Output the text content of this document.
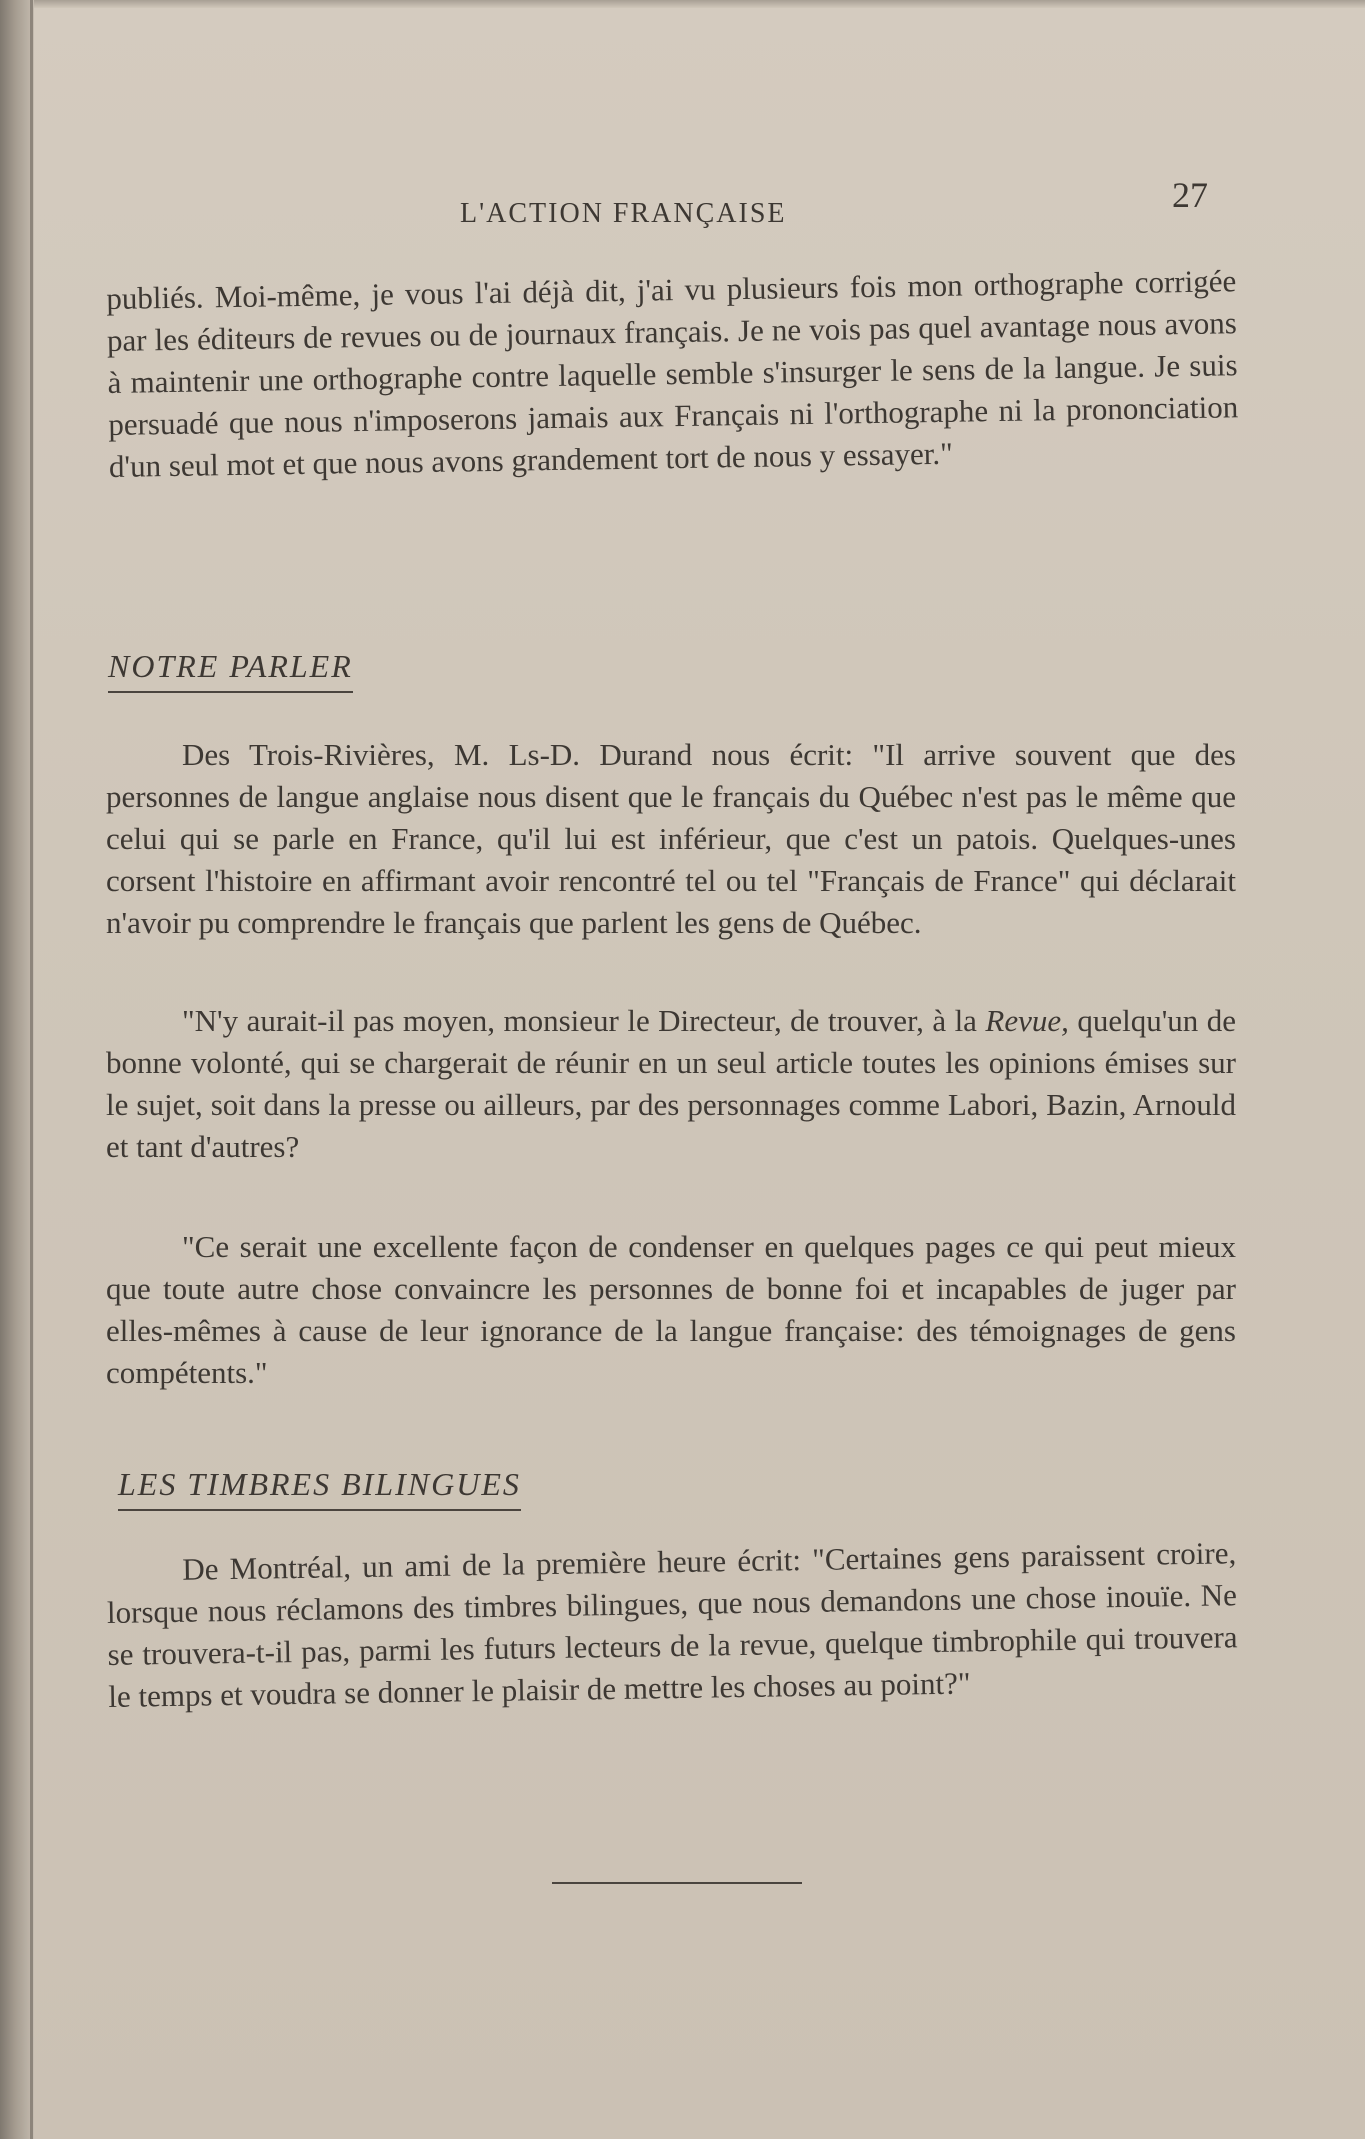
L'ACTION FRANÇAISE	27

publiés. Moi-même, je vous l'ai déjà dit, j'ai vu plusieurs fois mon orthographe corrigée par les éditeurs de revues ou de journaux français. Je ne vois pas quel avantage nous avons à maintenir une orthographe contre laquelle semble s'insurger le sens de la langue. Je suis persuadé que nous n'imposerons jamais aux Français ni l'orthographe ni la prononciation d'un seul mot et que nous avons grandement tort de nous y essayer."

NOTRE PARLER

Des Trois-Rivières, M. Ls-D. Durand nous écrit: "Il arrive souvent que des personnes de langue anglaise nous disent que le français du Québec n'est pas le même que celui qui se parle en France, qu'il lui est inférieur, que c'est un patois. Quelques-unes corsent l'histoire en affirmant avoir rencontré tel ou tel "Français de France" qui déclarait n'avoir pu comprendre le français que parlent les gens de Québec.

"N'y aurait-il pas moyen, monsieur le Directeur, de trouver, à la Revue, quelqu'un de bonne volonté, qui se chargerait de réunir en un seul article toutes les opinions émises sur le sujet, soit dans la presse ou ailleurs, par des personnages comme Labori, Bazin, Arnould et tant d'autres?

"Ce serait une excellente façon de condenser en quelques pages ce qui peut mieux que toute autre chose convaincre les personnes de bonne foi et incapables de juger par elles-mêmes à cause de leur ignorance de la langue française: des témoignages de gens compétents."

LES TIMBRES BILINGUES

De Montréal, un ami de la première heure écrit: "Certaines gens paraissent croire, lorsque nous réclamons des timbres bilingues, que nous demandons une chose inouïe. Ne se trouvera-t-il pas, parmi les futurs lecteurs de la revue, quelque timbrophile qui trouvera le temps et voudra se donner le plaisir de mettre les choses au point?"
